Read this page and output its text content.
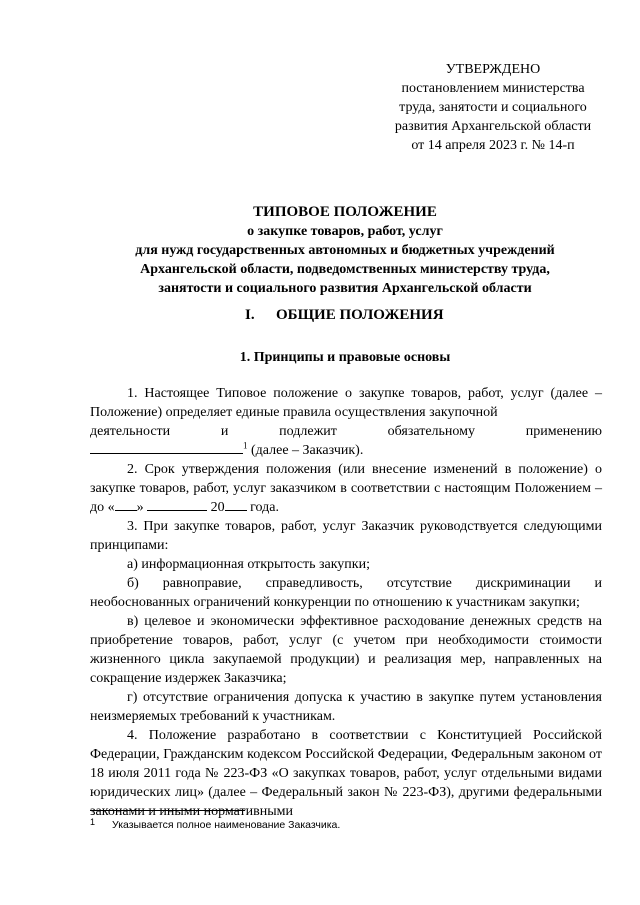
УТВЕРЖДЕНО
постановлением министерства
труда, занятости и социального
развития Архангельской области
от 14 апреля 2023 г. № 14-п
ТИПОВОЕ ПОЛОЖЕНИЕ
о закупке товаров, работ, услуг
для нужд государственных автономных и бюджетных учреждений
Архангельской области, подведомственных министерству труда,
занятости и социального развития Архангельской области
I. ОБЩИЕ ПОЛОЖЕНИЯ
1. Принципы и правовые основы

1. Настоящее Типовое положение о закупке товаров, работ, услуг (далее – Положение) определяет единые правила осуществления закупочной

деятельности	и	подлежит	обязательному	применению
$^1$ (далее – Заказчик).

2. Срок утверждения положения (или внесение изменений в положение) о закупке товаров, работ, услуг заказчиком в соответствии с настоящим Положением – до « »	20 года.

3. При закупке товаров, работ, услуг Заказчик руководствуется следующими принципами:

а) информационная открытость закупки;

б) равноправие, справедливость, отсутствие дискриминации и необоснованных ограничений конкуренции по отношению к участникам закупки;

в) целевое и экономически эффективное расходование денежных средств на приобретение товаров, работ, услуг (с учетом при необходимости стоимости жизненного цикла закупаемой продукции) и реализация мер, направленных на сокращение издержек Заказчика;

г) отсутствие ограничения допуска к участию в закупке путем установления неизмеряемых требований к участникам.

4. Положение разработано в соответствии с Конституцией Российской Федерации, Гражданским кодексом Российской Федерации, Федеральным законом от 18 июля 2011 года № 223-ФЗ «О закупках товаров, работ, услуг отдельными видами юридических лиц» (далее – Федеральный закон № 223-ФЗ), другими федеральными законами и иными нормативными

1 Указывается полное наименование Заказчика.
